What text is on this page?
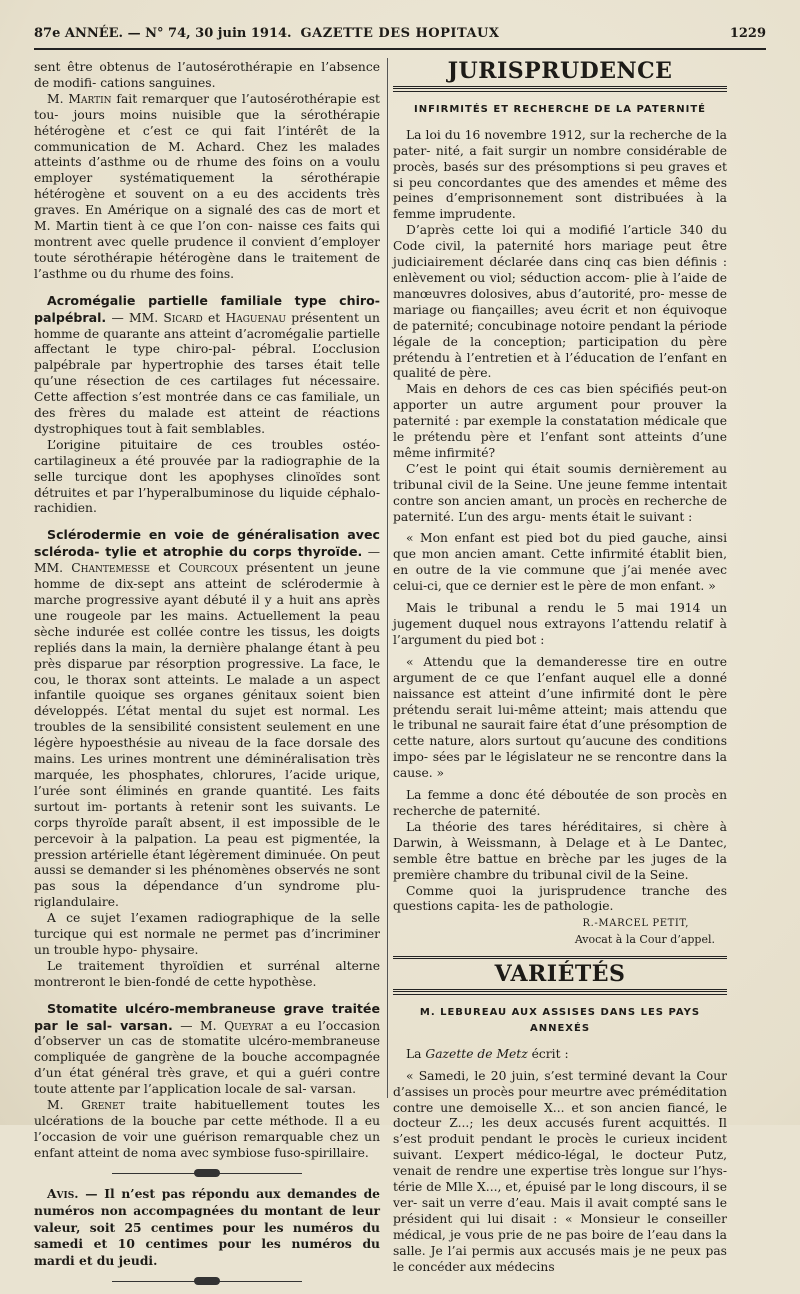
87e ANNÉE. — N° 74, 30 juin 1914. GAZETTE DES HOPITAUX	1229

sent être obtenus de l’autosérothérapie en l’absence de modifi- cations sanguines.

M. Martin fait remarquer que l’autosérothérapie est tou- jours moins nuisible que la sérothérapie hétérogène et c’est ce qui fait l’intérêt de la communication de M. Achard. Chez les malades atteints d’asthme ou de rhume des foins on a voulu employer systématiquement la sérothérapie hétérogène et souvent on a eu des accidents très graves. En Amérique on a signalé des cas de mort et M. Martin tient à ce que l’on con- naisse ces faits qui montrent avec quelle prudence il convient d’employer toute sérothérapie hétérogène dans le traitement de l’asthme ou du rhume des foins.

Acromégalie partielle familiale type chiro-palpébral. — MM. Sicard et Haguenau présentent un homme de quarante ans atteint d’acromégalie partielle affectant le type chiro-pal- pébral. L’occlusion palpébrale par hypertrophie des tarses était telle qu’une résection de ces cartilages fut nécessaire. Cette affection s’est montrée dans ce cas familiale, un des frères du malade est atteint de réactions dystrophiques tout à fait semblables.

L’origine pituitaire de ces troubles ostéo-cartilagineux a été prouvée par la radiographie de la selle turcique dont les apophyses clinoïdes sont détruites et par l’hyperalbuminose du liquide céphalo-rachidien.

Sclérodermie en voie de généralisation avec scléroda- tylie et atrophie du corps thyroïde. — MM. Chantemesse et Courcoux présentent un jeune homme de dix-sept ans atteint de sclérodermie à marche progressive ayant débuté il y a huit ans après une rougeole par les mains. Actuellement la peau sèche indurée est collée contre les tissus, les doigts repliés dans la main, la dernière phalange étant à peu près disparue par résorption progressive. La face, le cou, le thorax sont atteints. Le malade a un aspect infantile quoique ses organes génitaux soient bien développés. L’état mental du sujet est normal. Les troubles de la sensibilité consistent seulement en une légère hypoesthésie au niveau de la face dorsale des mains. Les urines montrent une déminéralisation très marquée, les phosphates, chlorures, l’acide urique, l’urée sont éliminés en grande quantité. Les faits surtout im- portants à retenir sont les suivants. Le corps thyroïde paraît absent, il est impossible de le percevoir à la palpation. La peau est pigmentée, la pression artérielle étant légèrement diminuée. On peut aussi se demander si les phénomènes observés ne sont pas sous la dépendance d’un syndrome plu- riglandulaire.

A ce sujet l’examen radiographique de la selle turcique qui est normale ne permet pas d’incriminer un trouble hypo- physaire.

Le traitement thyroïdien et surrénal alterne montreront le bien-fondé de cette hypothèse.

Stomatite ulcéro-membraneuse grave traitée par le sal- varsan. — M. Queyrat a eu l’occasion d’observer un cas de stomatite ulcéro-membraneuse compliquée de gangrène de la bouche accompagnée d’un état général très grave, et qui a guéri contre toute attente par l’application locale de sal- varsan.

M. Grenet traite habituellement toutes les ulcérations de la bouche par cette méthode. Il a eu l’occasion de voir une guérison remarquable chez un enfant atteint de noma avec symbiose fuso-spirillaire.

Avis. — Il n’est pas répondu aux demandes de numéros non accompagnées du montant de leur valeur, soit 25 centimes pour les numéros du samedi et 10 centimes pour les numéros du mardi et du jeudi.

JURISPRUDENCE
INFIRMITÉS ET RECHERCHE DE LA PATERNITÉ

La loi du 16 novembre 1912, sur la recherche de la pater- nité, a fait surgir un nombre considérable de procès, basés sur des présomptions si peu graves et si peu concordantes que des amendes et même des peines d’emprisonnement sont distribuées à la femme imprudente.

D’après cette loi qui a modifié l’article 340 du Code civil, la paternité hors mariage peut être judiciairement déclarée dans cinq cas bien définis : enlèvement ou viol; séduction accom- plie à l’aide de manœuvres dolosives, abus d’autorité, pro- messe de mariage ou fiançailles; aveu écrit et non équivoque de paternité; concubinage notoire pendant la période légale de la conception; participation du père prétendu à l’entretien et à l’éducation de l’enfant en qualité de père.

Mais en dehors de ces cas bien spécifiés peut-on apporter un autre argument pour prouver la paternité : par exemple la constatation médicale que le prétendu père et l’enfant sont atteints d’une même infirmité?

C’est le point qui était soumis dernièrement au tribunal civil de la Seine. Une jeune femme intentait contre son ancien amant, un procès en recherche de paternité. L’un des argu- ments était le suivant :

« Mon enfant est pied bot du pied gauche, ainsi que mon ancien amant. Cette infirmité établit bien, en outre de la vie commune que j’ai menée avec celui-ci, que ce dernier est le père de mon enfant. »

Mais le tribunal a rendu le 5 mai 1914 un jugement duquel nous extrayons l’attendu relatif à l’argument du pied bot :

« Attendu que la demanderesse tire en outre argument de ce que l’enfant auquel elle a donné naissance est atteint d’une infirmité dont le père prétendu serait lui-même atteint; mais attendu que le tribunal ne saurait faire état d’une présomption de cette nature, alors surtout qu’aucune des conditions impo- sées par le législateur ne se rencontre dans la cause. »

La femme a donc été déboutée de son procès en recherche de paternité.

La théorie des tares héréditaires, si chère à Darwin, à Weissmann, à Delage et à Le Dantec, semble être battue en brèche par les juges de la première chambre du tribunal civil de la Seine.

Comme quoi la jurisprudence tranche des questions capita- les de pathologie.

R.-MARCEL PETIT,
Avocat à la Cour d’appel.
VARIÉTÉS
M. LEBUREAU AUX ASSISES DANS LES PAYS ANNEXÉS

La Gazette de Metz écrit :

« Samedi, le 20 juin, s’est terminé devant la Cour d’assises un procès pour meurtre avec préméditation contre une demoiselle X... et son ancien fiancé, le docteur Z...; les deux accusés furent acquittés. Il s’est produit pendant le procès le curieux incident suivant. L’expert médico-légal, le docteur Putz, venait de rendre une expertise très longue sur l’hys- térie de Mlle X..., et, épuisé par le long discours, il se ver- sait un verre d’eau. Mais il avait compté sans le président qui lui disait : « Monsieur le conseiller médical, je vous prie de ne pas boire de l’eau dans la salle. Je l’ai permis aux accusés mais je ne peux pas le concéder aux médecins
